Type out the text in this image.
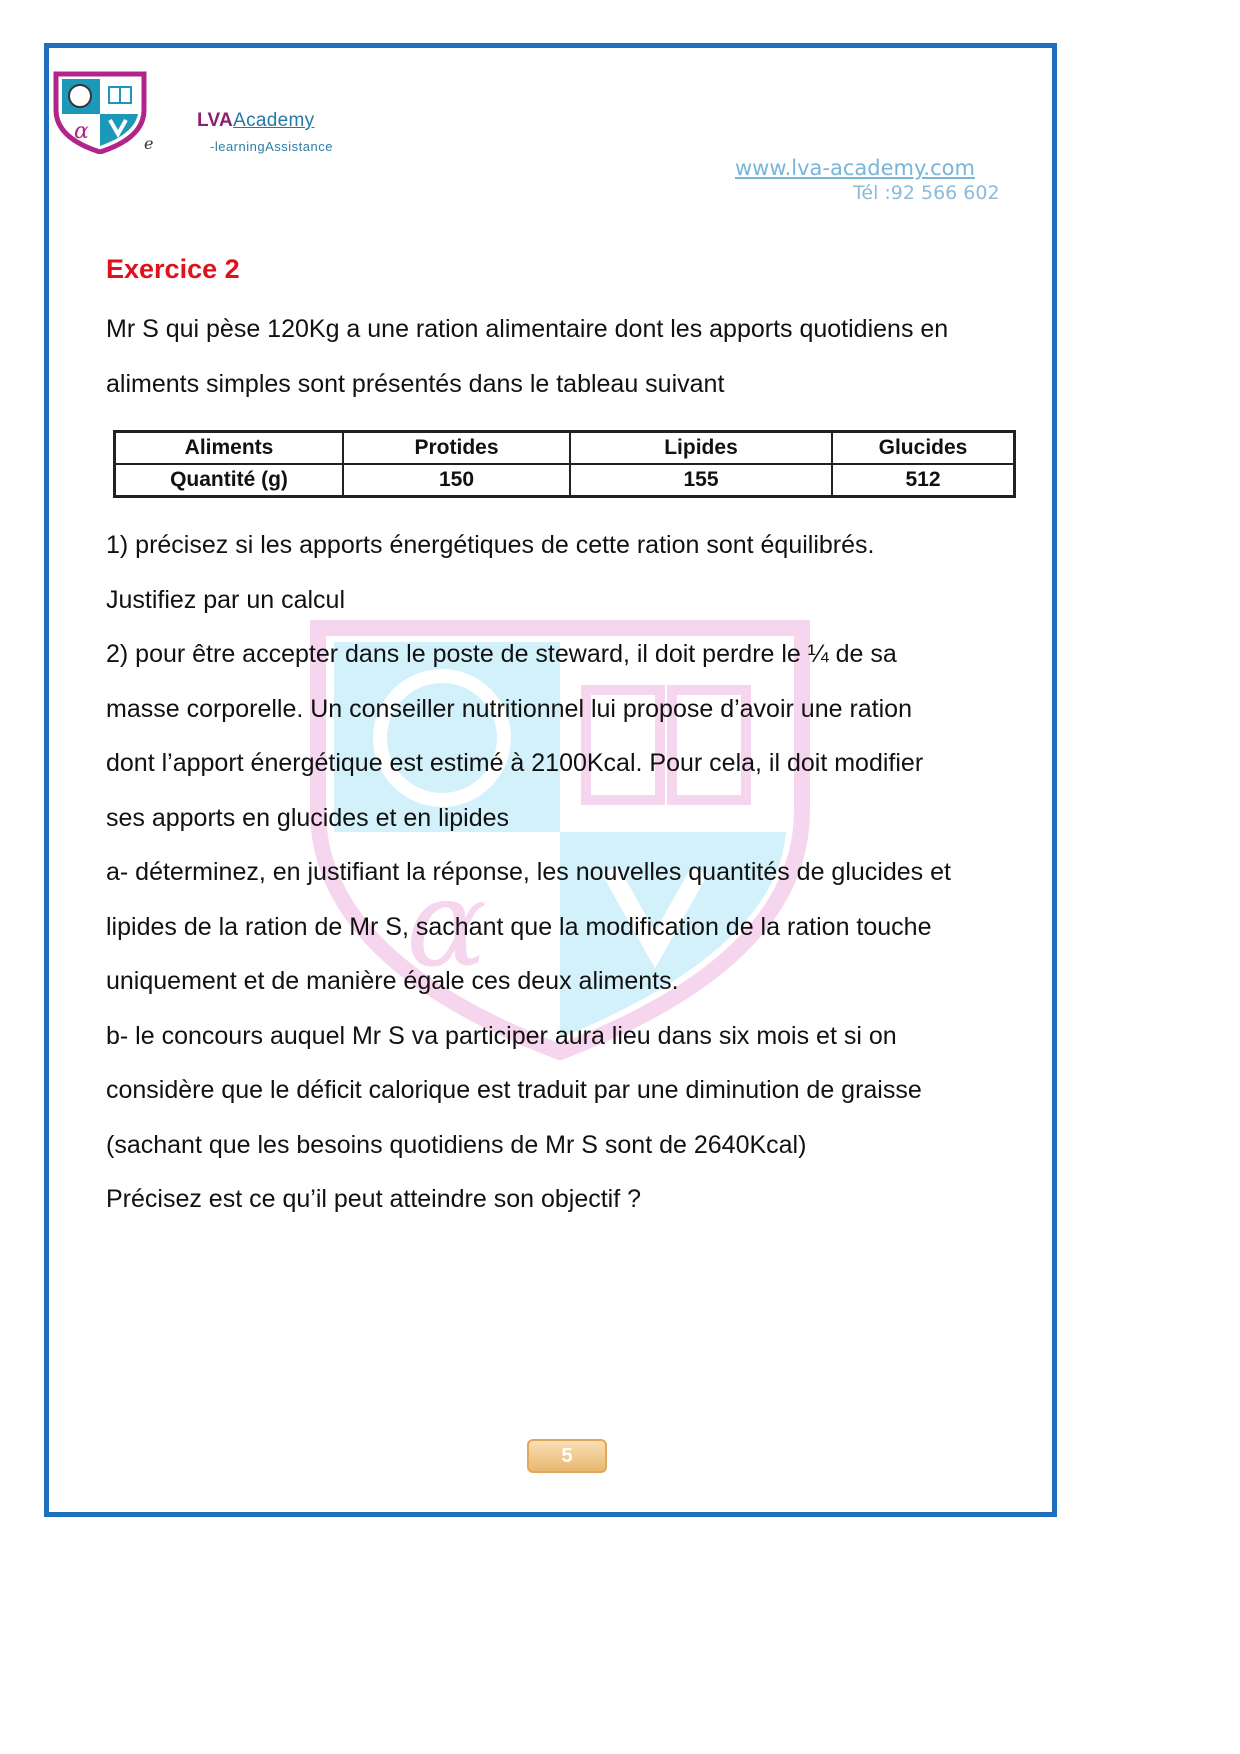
α	e
LVAAcademy
-learningAssistance
www.lva-academy.com
Tél :92 566 602
α
Exercice 2
Mr S qui pèse 120Kg a une ration alimentaire dont les apports quotidiens en
aliments simples sont présentés dans le tableau suivant
Aliments	Protides	Lipides	Glucides
Quantité (g)	150	155	512
1) précisez si les apports énergétiques de cette ration sont équilibrés.
Justifiez par un calcul
2) pour être accepter dans le poste de steward, il doit perdre le ¼ de sa
masse corporelle. Un conseiller nutritionnel lui propose d’avoir une ration
dont l’apport énergétique est estimé à 2100Kcal. Pour cela, il doit modifier
ses apports en glucides et en lipides
a- déterminez, en justifiant la réponse, les nouvelles quantités de glucides et
lipides de la ration de Mr S, sachant que la modification de la ration touche
uniquement et de manière égale ces deux aliments.
b- le concours auquel Mr S va participer aura lieu dans six mois et si on
considère que le déficit calorique est traduit par une diminution de graisse
(sachant que les besoins quotidiens de Mr S sont de 2640Kcal)
Précisez est ce qu’il peut atteindre son objectif ?
5
